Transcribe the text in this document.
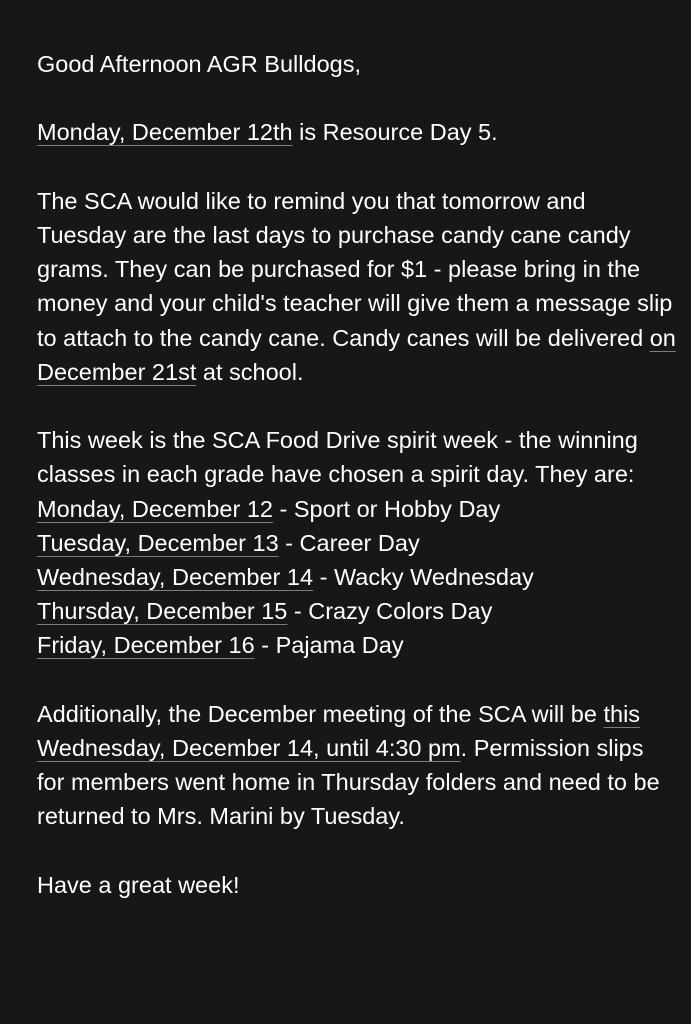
Good Afternoon AGR Bulldogs,

Monday, December 12th is Resource Day 5.

The SCA would like to remind you that tomorrow and Tuesday are the last days to purchase candy cane candy grams. They can be purchased for $1 - please bring in the money and your child's teacher will give them a message slip to attach to the candy cane. Candy canes will be delivered on December 21st at school.

This week is the SCA Food Drive spirit week - the winning classes in each grade have chosen a spirit day. They are:

Monday, December 12 - Sport or Hobby Day
Tuesday, December 13 - Career Day
Wednesday, December 14 - Wacky Wednesday
Thursday, December 15 - Crazy Colors Day
Friday, December 16 - Pajama Day

Additionally, the December meeting of the SCA will be this Wednesday, December 14, until 4:30 pm. Permission slips for members went home in Thursday folders and need to be returned to Mrs. Marini by Tuesday.

Have a great week!
